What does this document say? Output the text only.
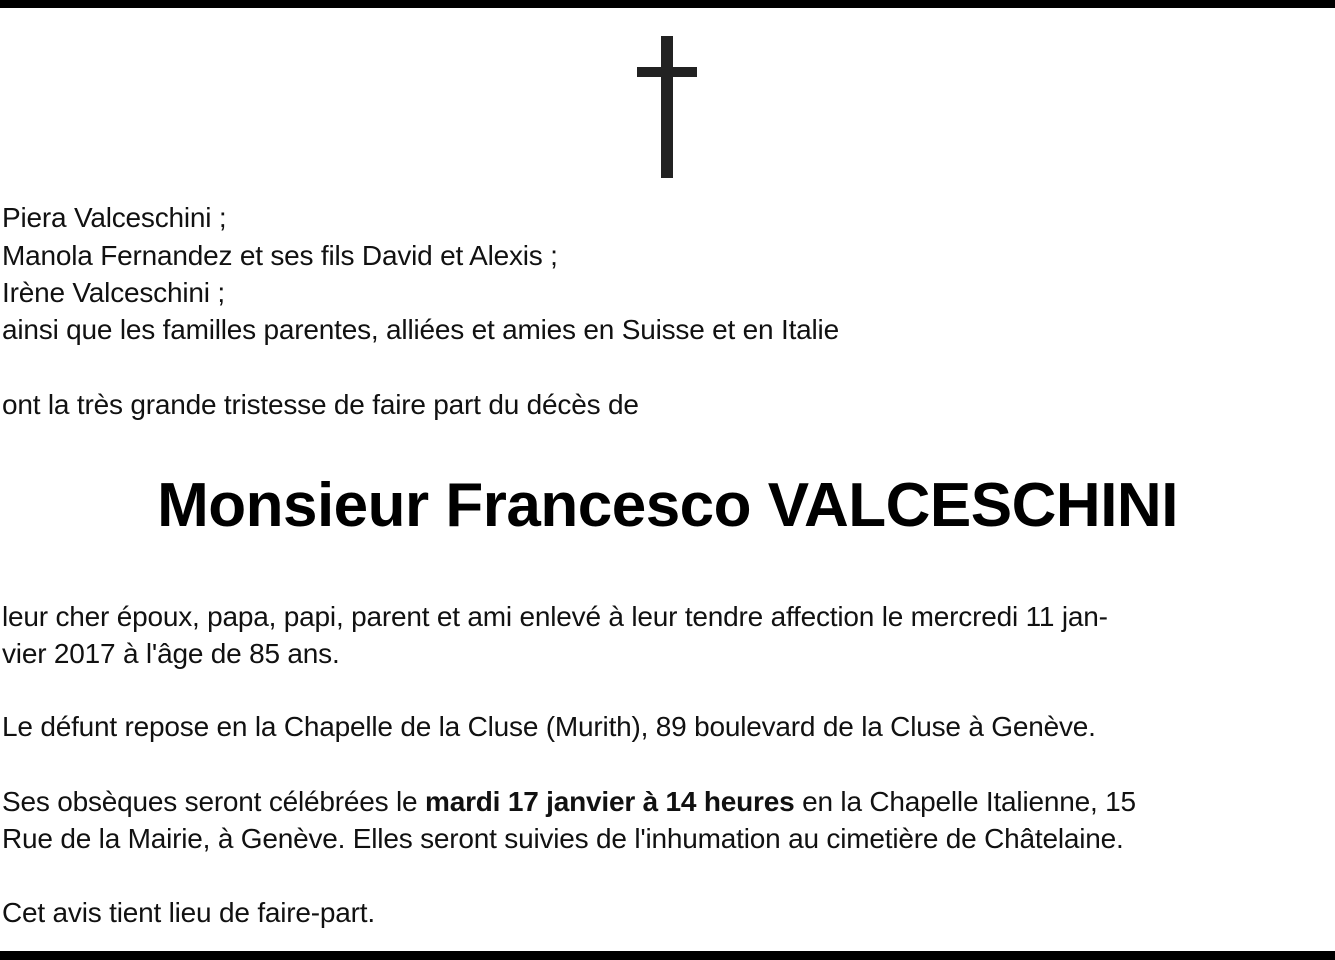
Piera Valceschini ;
Manola Fernandez et ses fils David et Alexis ;
Irène Valceschini ;
ainsi que les familles parentes, alliées et amies en Suisse et en Italie
ont la très grande tristesse de faire part du décès de
Monsieur Francesco VALCESCHINI
leur cher époux, papa, papi, parent et ami enlevé à leur tendre affection le mercredi 11 jan-
vier 2017 à l'âge de 85 ans.
Le défunt repose en la Chapelle de la Cluse (Murith), 89 boulevard de la Cluse à Genève.
Ses obsèques seront célébrées le mardi 17 janvier à 14 heures en la Chapelle Italienne, 15
Rue de la Mairie, à Genève. Elles seront suivies de l'inhumation au cimetière de Châtelaine.
Cet avis tient lieu de faire-part.
